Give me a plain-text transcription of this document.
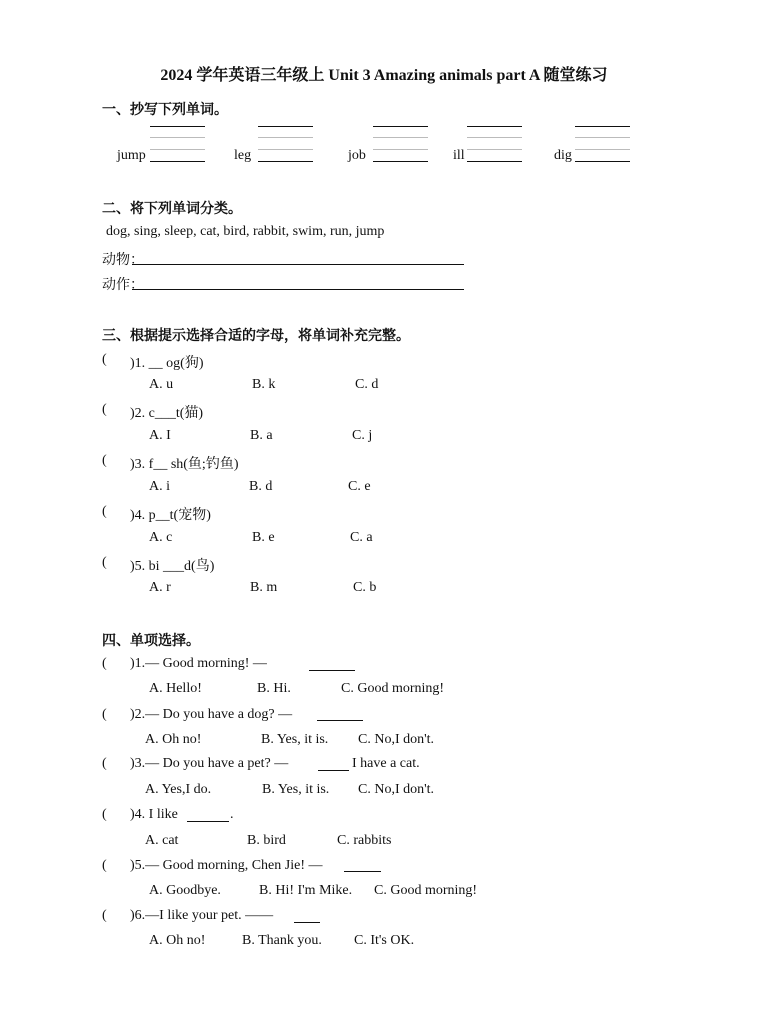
2024 学年英语三年级上 Unit 3 Amazing animals part A 随堂练习
一、抄写下列单词。
jump	leg	job	ill	dig
二、将下列单词分类。
dog, sing, sleep, cat, bird, rabbit, swim, run, jump
动物：
动作：
三、根据提示选择合适的字母，将单词补充完整。
( )1. __ og(狗)
A. u	B. k	C. d
( )2. c___t(猫)
A. I	B. a	C. j
( )3. f__ sh(鱼;钓鱼)
A. i	B. d	C. e
( )4. p__t(宠物)
A. c	B. e	C. a
( )5. bi ___d(鸟)
A. r	B. m	C. b
四、单项选择。
( )1.— Good morning! —
A. Hello!	B. Hi.	C. Good morning!
( )2.— Do you have a dog? —
A. Oh no!	B. Yes, it is. C. No,I don't.
( )3.— Do you have a pet? —	I have a cat.
A. Yes,I do.	B. Yes, it is. C. No,I don't.
( )4. I like	.
A. cat	B. bird	C. rabbits
( )5.— Good morning, Chen Jie! —
A. Goodbye.	B. Hi! I'm Mike. C. Good morning!
( )6.—I like your pet. ——
A. Oh no!	B. Thank you. C. It's OK.
